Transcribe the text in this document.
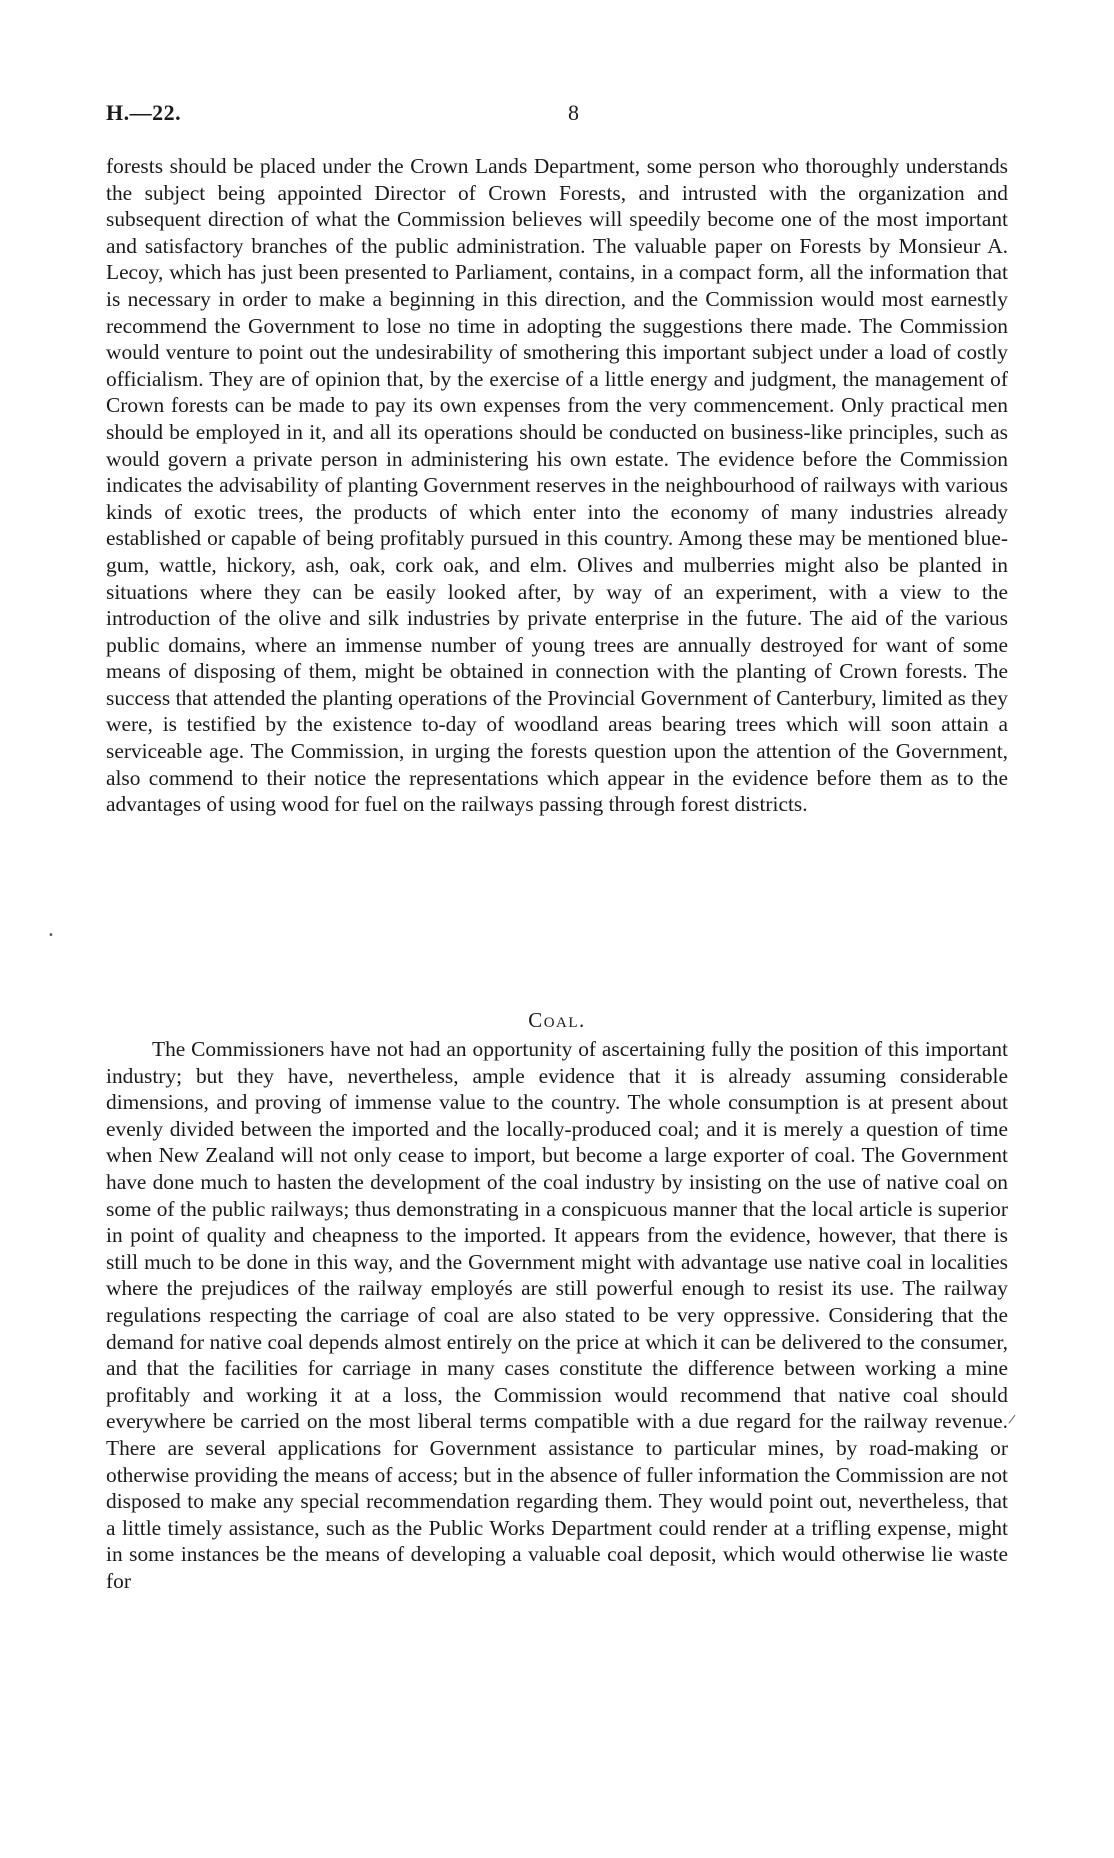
H.—22.	8

forests should be placed under the Crown Lands Department, some person who thoroughly understands the subject being appointed Director of Crown Forests, and intrusted with the organization and subsequent direction of what the Commission believes will speedily become one of the most important and satisfactory branches of the public administration. The valuable paper on Forests by Monsieur A. Lecoy, which has just been presented to Parliament, contains, in a compact form, all the information that is necessary in order to make a beginning in this direction, and the Commission would most earnestly recommend the Government to lose no time in adopting the suggestions there made. The Commission would venture to point out the undesirability of smothering this important subject under a load of costly officialism. They are of opinion that, by the exercise of a little energy and judgment, the management of Crown forests can be made to pay its own expenses from the very commencement. Only practical men should be employed in it, and all its operations should be conducted on business-like principles, such as would govern a private person in administering his own estate. The evidence before the Commission indicates the advisability of planting Government reserves in the neighbourhood of railways with various kinds of exotic trees, the products of which enter into the economy of many industries already established or capable of being profitably pursued in this country. Among these may be mentioned blue-gum, wattle, hickory, ash, oak, cork oak, and elm. Olives and mulberries might also be planted in situations where they can be easily looked after, by way of an experiment, with a view to the introduction of the olive and silk industries by private enterprise in the future. The aid of the various public domains, where an immense number of young trees are annually destroyed for want of some means of disposing of them, might be obtained in connection with the planting of Crown forests. The success that attended the planting operations of the Provincial Government of Canterbury, limited as they were, is testified by the existence to-day of woodland areas bearing trees which will soon attain a serviceable age. The Commission, in urging the forests question upon the attention of the Government, also commend to their notice the representations which appear in the evidence before them as to the advantages of using wood for fuel on the railways passing through forest districts.

Coal.

The Commissioners have not had an opportunity of ascertaining fully the position of this important industry; but they have, nevertheless, ample evidence that it is already assuming considerable dimensions, and proving of immense value to the country. The whole consumption is at present about evenly divided between the imported and the locally-produced coal; and it is merely a question of time when New Zealand will not only cease to import, but become a large exporter of coal. The Government have done much to hasten the development of the coal industry by insisting on the use of native coal on some of the public railways; thus demonstrating in a conspicuous manner that the local article is superior in point of quality and cheapness to the imported. It appears from the evidence, however, that there is still much to be done in this way, and the Government might with advantage use native coal in localities where the prejudices of the railway employés are still powerful enough to resist its use. The railway regulations respecting the carriage of coal are also stated to be very oppressive. Considering that the demand for native coal depends almost entirely on the price at which it can be delivered to the consumer, and that the facilities for carriage in many cases constitute the difference between working a mine profitably and working it at a loss, the Commission would recommend that native coal should everywhere be carried on the most liberal terms compatible with a due regard for the railway revenue. There are several applications for Government assistance to particular mines, by road-making or otherwise providing the means of access; but in the absence of fuller information the Commission are not disposed to make any special recommendation regarding them. They would point out, nevertheless, that a little timely assistance, such as the Public Works Department could render at a trifling expense, might in some instances be the means of developing a valuable coal deposit, which would otherwise lie waste for

•
/
